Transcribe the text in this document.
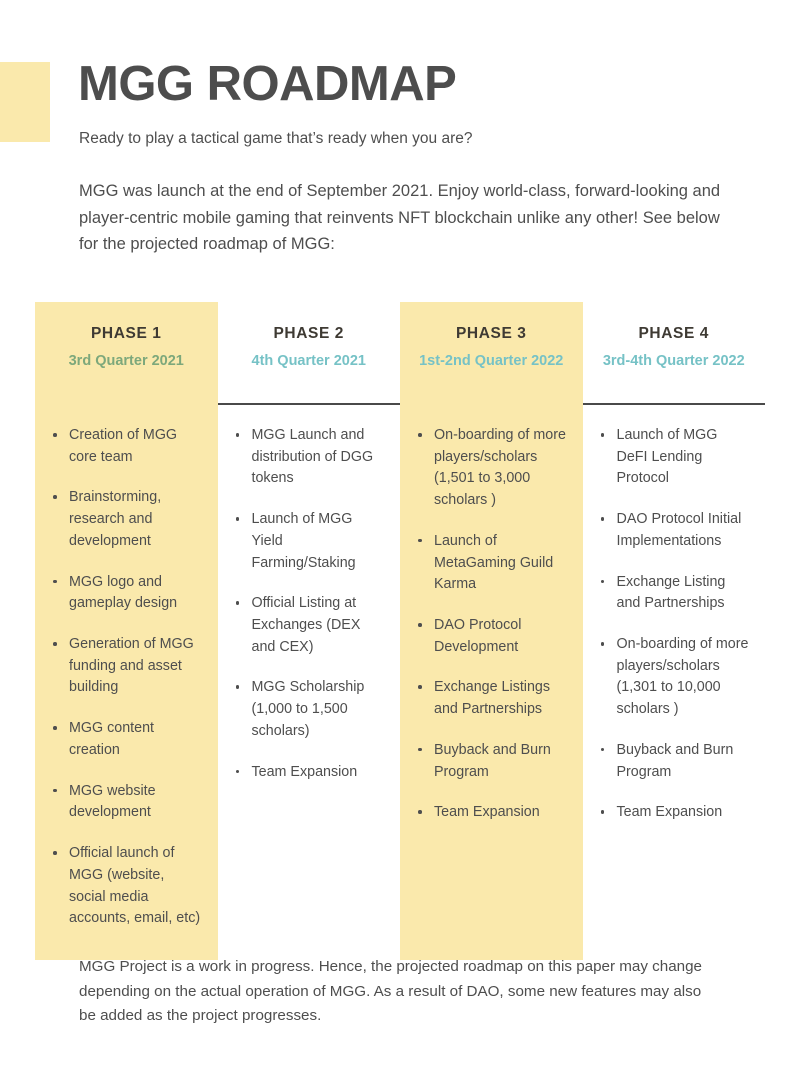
MGG ROADMAP
Ready to play a tactical game that’s ready when you are?
MGG was launch at the end of September 2021. Enjoy world-class, forward-looking and player-centric mobile gaming that reinvents NFT blockchain unlike any other! See below for the projected roadmap of MGG:
PHASE 1
3rd Quarter 2021
Creation of MGG core team
Brainstorming, research and development
MGG logo and gameplay design
Generation of MGG funding and asset building
MGG content creation
MGG website development
Official launch of MGG (website, social media accounts, email, etc)
PHASE 2
4th Quarter 2021
MGG Launch and distribution of DGG tokens
Launch of MGG Yield Farming/Staking
Official Listing at Exchanges (DEX and CEX)
MGG Scholarship (1,000 to 1,500 scholars)
Team Expansion
PHASE 3
1st-2nd Quarter 2022
On-boarding of more players/scholars (1,501 to 3,000 scholars )
Launch of MetaGaming Guild Karma
DAO Protocol Development
Exchange Listings and Partnerships
Buyback and Burn Program
Team Expansion
PHASE 4
3rd-4th Quarter 2022
Launch of MGG DeFI Lending Protocol
DAO Protocol Initial Implementations
Exchange Listing and Partnerships
On-boarding of more players/scholars (1,301 to 10,000 scholars )
Buyback and Burn Program
Team Expansion
MGG Project is a work in progress. Hence, the projected roadmap on this paper may change depending on the actual operation of MGG. As a result of DAO, some new features may also be added as the project progresses.
